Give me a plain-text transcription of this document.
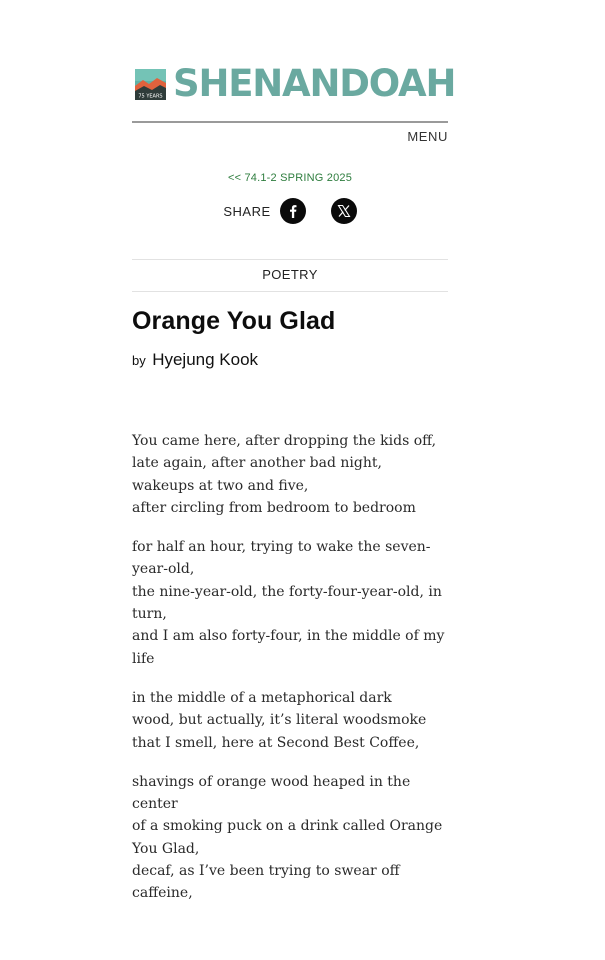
75 YEARS SHENANDOAH
MENU
<< 74.1-2 SPRING 2025
SHARE
POETRY
Orange You Glad
by Hyejung Kook
You came here, after dropping the kids off,
late again, after another bad night, wakeups at two and five,
after circling from bedroom to bedroom
for half an hour, trying to wake the seven-year-old,
the nine-year-old, the forty-four-year-old, in turn,
and I am also forty-four, in the middle of my life
in the middle of a metaphorical dark
wood, but actually, it’s literal woodsmoke
that I smell, here at Second Best Coffee,
shavings of orange wood heaped in the center
of a smoking puck on a drink called Orange You Glad,
decaf, as I’ve been trying to swear off caffeine,
